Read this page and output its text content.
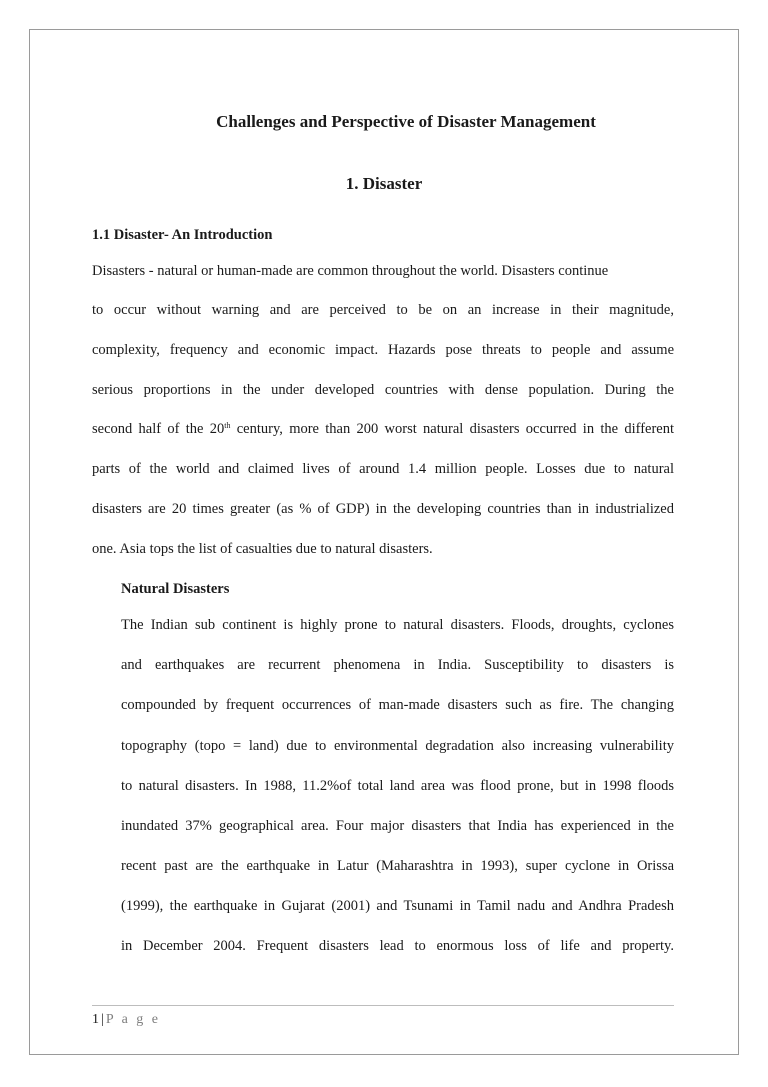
Challenges and Perspective of Disaster Management
1. Disaster
1.1 Disaster- An Introduction
Disasters - natural or human-made are common throughout the world. Disasters continue
to occur without warning and are perceived to be on an increase in their magnitude,
complexity, frequency and economic impact. Hazards pose threats to people and assume
serious proportions in the under developed countries with dense population. During the
second half of the 20th century, more than 200 worst natural disasters occurred in the different
parts of the world and claimed lives of around 1.4 million people. Losses due to natural
disasters are 20 times greater (as % of GDP) in the developing countries than in industrialized
one. Asia tops the list of casualties due to natural disasters.
Natural Disasters
The Indian sub continent is highly prone to natural disasters. Floods, droughts, cyclones
and earthquakes are recurrent phenomena in India. Susceptibility to disasters is
compounded by frequent occurrences of man-made disasters such as fire. The changing
topography (topo = land) due to environmental degradation also increasing vulnerability
to natural disasters. In 1988, 11.2%of total land area was flood prone, but in 1998 floods
inundated 37% geographical area. Four major disasters that India has experienced in the
recent past are the earthquake in Latur (Maharashtra in 1993), super cyclone in Orissa
(1999), the earthquake in Gujarat (2001) and Tsunami in Tamil nadu and Andhra Pradesh
in December 2004. Frequent disasters lead to enormous loss of life and property.
1 | P a g e
